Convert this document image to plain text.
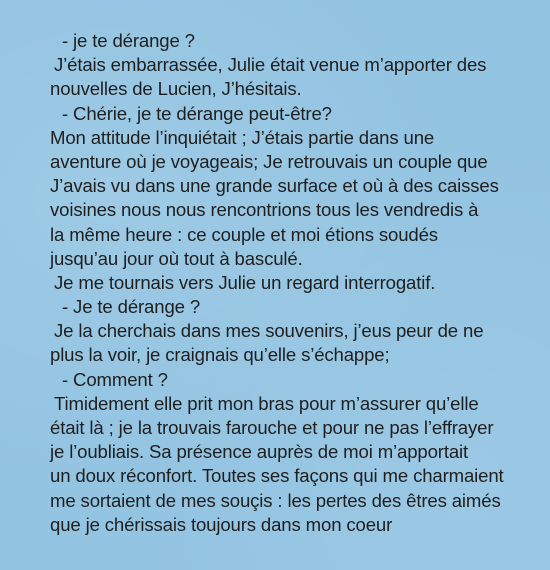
- je te dérange ?
J’étais embarrassée, Julie était venue m’apporter des
nouvelles de Lucien, J’hésitais.
- Chérie, je te dérange peut-être?
Mon attitude l’inquiétait ; J’étais partie dans une
aventure où je voyageais; Je retrouvais un couple que
J’avais vu dans une grande surface et où à des caisses
voisines nous nous rencontrions tous les vendredis à
la même heure : ce couple et moi étions soudés
jusqu’au jour où tout à basculé.
Je me tournais vers Julie un regard interrogatif.
- Je te dérange ?
Je la cherchais dans mes souvenirs, j’eus peur de ne
plus la voir, je craignais qu’elle s’échappe;
- Comment ?
Timidement elle prit mon bras pour m’assurer qu’elle
était là ; je la trouvais farouche et pour ne pas l’effrayer
je l’oubliais. Sa présence auprès de moi m’apportait
un doux réconfort. Toutes ses façons qui me charmaient
me sortaient de mes souçis : les pertes des êtres aimés
que je chérissais toujours dans mon coeur
